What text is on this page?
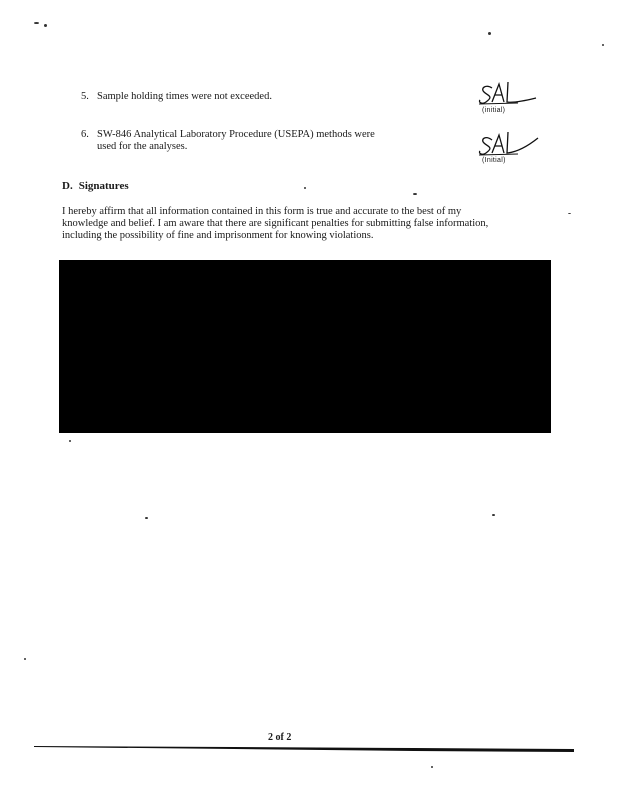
5. Sample holding times were not exceeded.
6. SW-846 Analytical Laboratory Procedure (USEPA) methods were used for the analyses.
(initial)
(Initial)
D. Signatures
I hereby affirm that all information contained in this form is true and accurate to the best of my knowledge and belief. I am aware that there are significant penalties for submitting false information, including the possibility of fine and imprisonment for knowing violations.
2 of 2
